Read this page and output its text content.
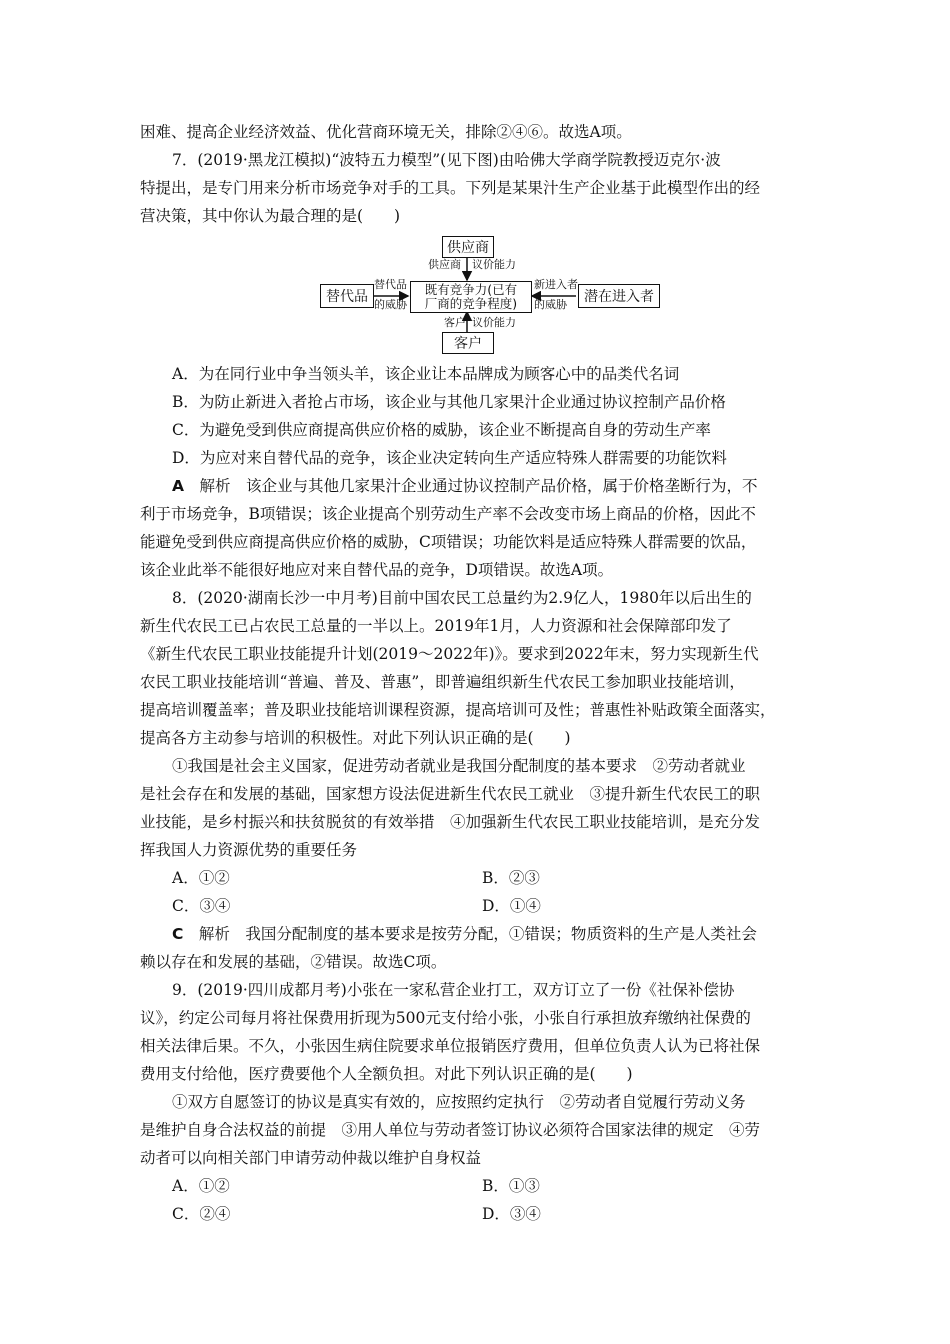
困难、提高企业经济效益、优化营商环境无关，排除②④⑥。故选A项。
7．(2019·黑龙江模拟)“波特五力模型”(见下图)由哈佛大学商学院教授迈克尔·波
特提出，是专门用来分析市场竞争对手的工具。下列是某果汁生产企业基于此模型作出的经
营决策，其中你认为最合理的是(　　)
供应商
供应商 议价能力
替代品
替代品
的威胁
既有竞争力(已有
厂商的竞争程度)
新进入者
的威胁	潜在进入者
客户 议价能力
客户
A．为在同行业中争当领头羊，该企业让本品牌成为顾客心中的品类代名词
B．为防止新进入者抢占市场，该企业与其他几家果汁企业通过协议控制产品价格
C．为避免受到供应商提高供应价格的威胁，该企业不断提高自身的劳动生产率
D．为应对来自替代品的竞争，该企业决定转向生产适应特殊人群需要的功能饮料
A　 解析　该企业与其他几家果汁企业通过协议控制产品价格，属于价格垄断行为，不
利于市场竞争，B项错误；该企业提高个别劳动生产率不会改变市场上商品的价格，因此不
能避免受到供应商提高供应价格的威胁，C项错误；功能饮料是适应特殊人群需要的饮品，
该企业此举不能很好地应对来自替代品的竞争，D项错误。故选A项。
8．(2020·湖南长沙一中月考)目前中国农民工总量约为2.9亿人，1980年以后出生的
新生代农民工已占农民工总量的一半以上。2019年1月，人力资源和社会保障部印发了
《新生代农民工职业技能提升计划(2019～2022年)》。要求到2022年末，努力实现新生代
农民工职业技能培训“普遍、普及、普惠”，即普遍组织新生代农民工参加职业技能培训，
提高培训覆盖率；普及职业技能培训课程资源，提高培训可及性；普惠性补贴政策全面落实，
提高各方主动参与培训的积极性。对此下列认识正确的是(　　)
①我国是社会主义国家，促进劳动者就业是我国分配制度的基本要求　②劳动者就业
是社会存在和发展的基础，国家想方设法促进新生代农民工就业　③提升新生代农民工的职
业技能，是乡村振兴和扶贫脱贫的有效举措　④加强新生代农民工职业技能培训，是充分发
挥我国人力资源优势的重要任务
A．①②	B．②③
C．③④	D．①④
C　 解析　我国分配制度的基本要求是按劳分配，①错误；物质资料的生产是人类社会
赖以存在和发展的基础，②错误。故选C项。
9．(2019·四川成都月考)小张在一家私营企业打工，双方订立了一份《社保补偿协
议》，约定公司每月将社保费用折现为500元支付给小张，小张自行承担放弃缴纳社保费的
相关法律后果。不久，小张因生病住院要求单位报销医疗费用，但单位负责人认为已将社保
费用支付给他，医疗费要他个人全额负担。对此下列认识正确的是(　　)
①双方自愿签订的协议是真实有效的，应按照约定执行　②劳动者自觉履行劳动义务
是维护自身合法权益的前提　③用人单位与劳动者签订协议必须符合国家法律的规定　④劳
动者可以向相关部门申请劳动仲裁以维护自身权益
A．①②	B．①③
C．②④	D．③④
